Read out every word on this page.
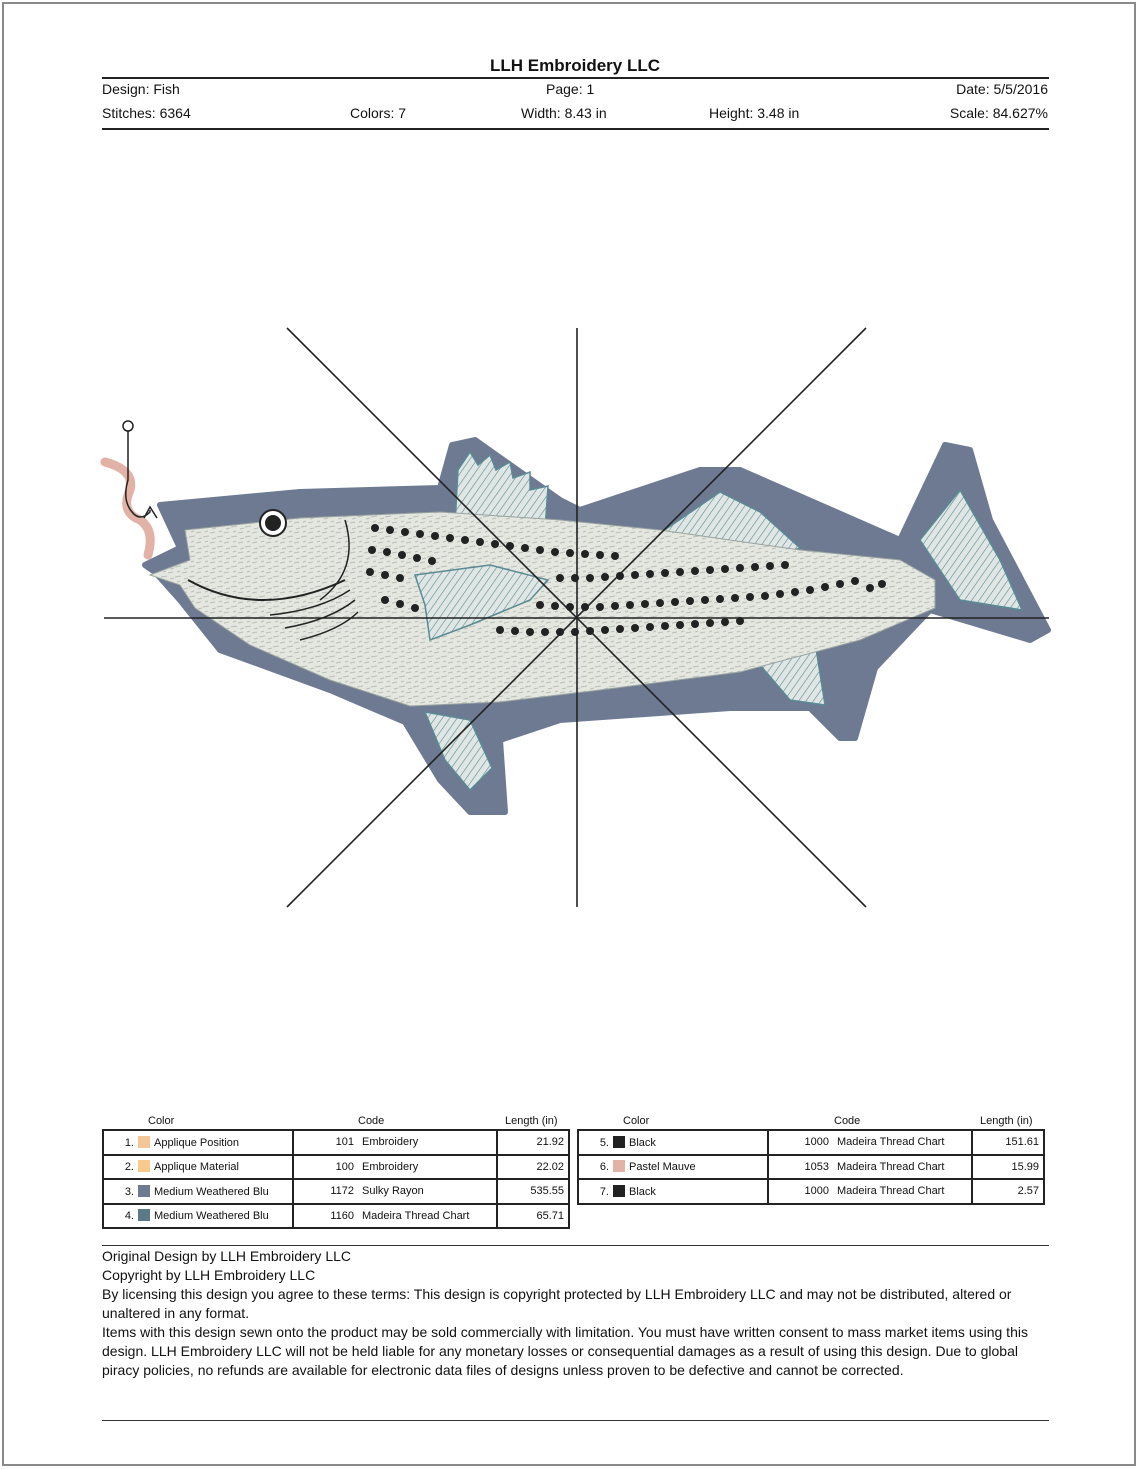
LLH Embroidery LLC
Design: Fish	Page: 1	Date: 5/5/2016
Stitches: 6364	Colors: 7	Width: 8.43 in	Height: 3.48 in	Scale: 84.627%
Color	Code	Length (in)
1. Applique Position	101 Embroidery	21.92
2. Applique Material	100 Embroidery	22.02
3. Medium Weathered Blu	1172 Sulky Rayon	535.55
4. Medium Weathered Blu	1160 Madeira Thread Chart	65.71
Color	Code	Length (in)
5. Black	1000 Madeira Thread Chart	151.61
6. Pastel Mauve	1053 Madeira Thread Chart	15.99
7. Black	1000 Madeira Thread Chart	2.57
Original Design by LLH Embroidery LLC
Copyright by LLH Embroidery LLC
By licensing this design you agree to these terms: This design is copyright protected by LLH Embroidery LLC and may not be distributed, altered or unaltered in any format.
Items with this design sewn onto the product may be sold commercially with limitation. You must have written consent to mass market items using this design. LLH Embroidery LLC will not be held liable for any monetary losses or consequential damages as a result of using this design. Due to global piracy policies, no refunds are available for electronic data files of designs unless proven to be defective and cannot be corrected.
